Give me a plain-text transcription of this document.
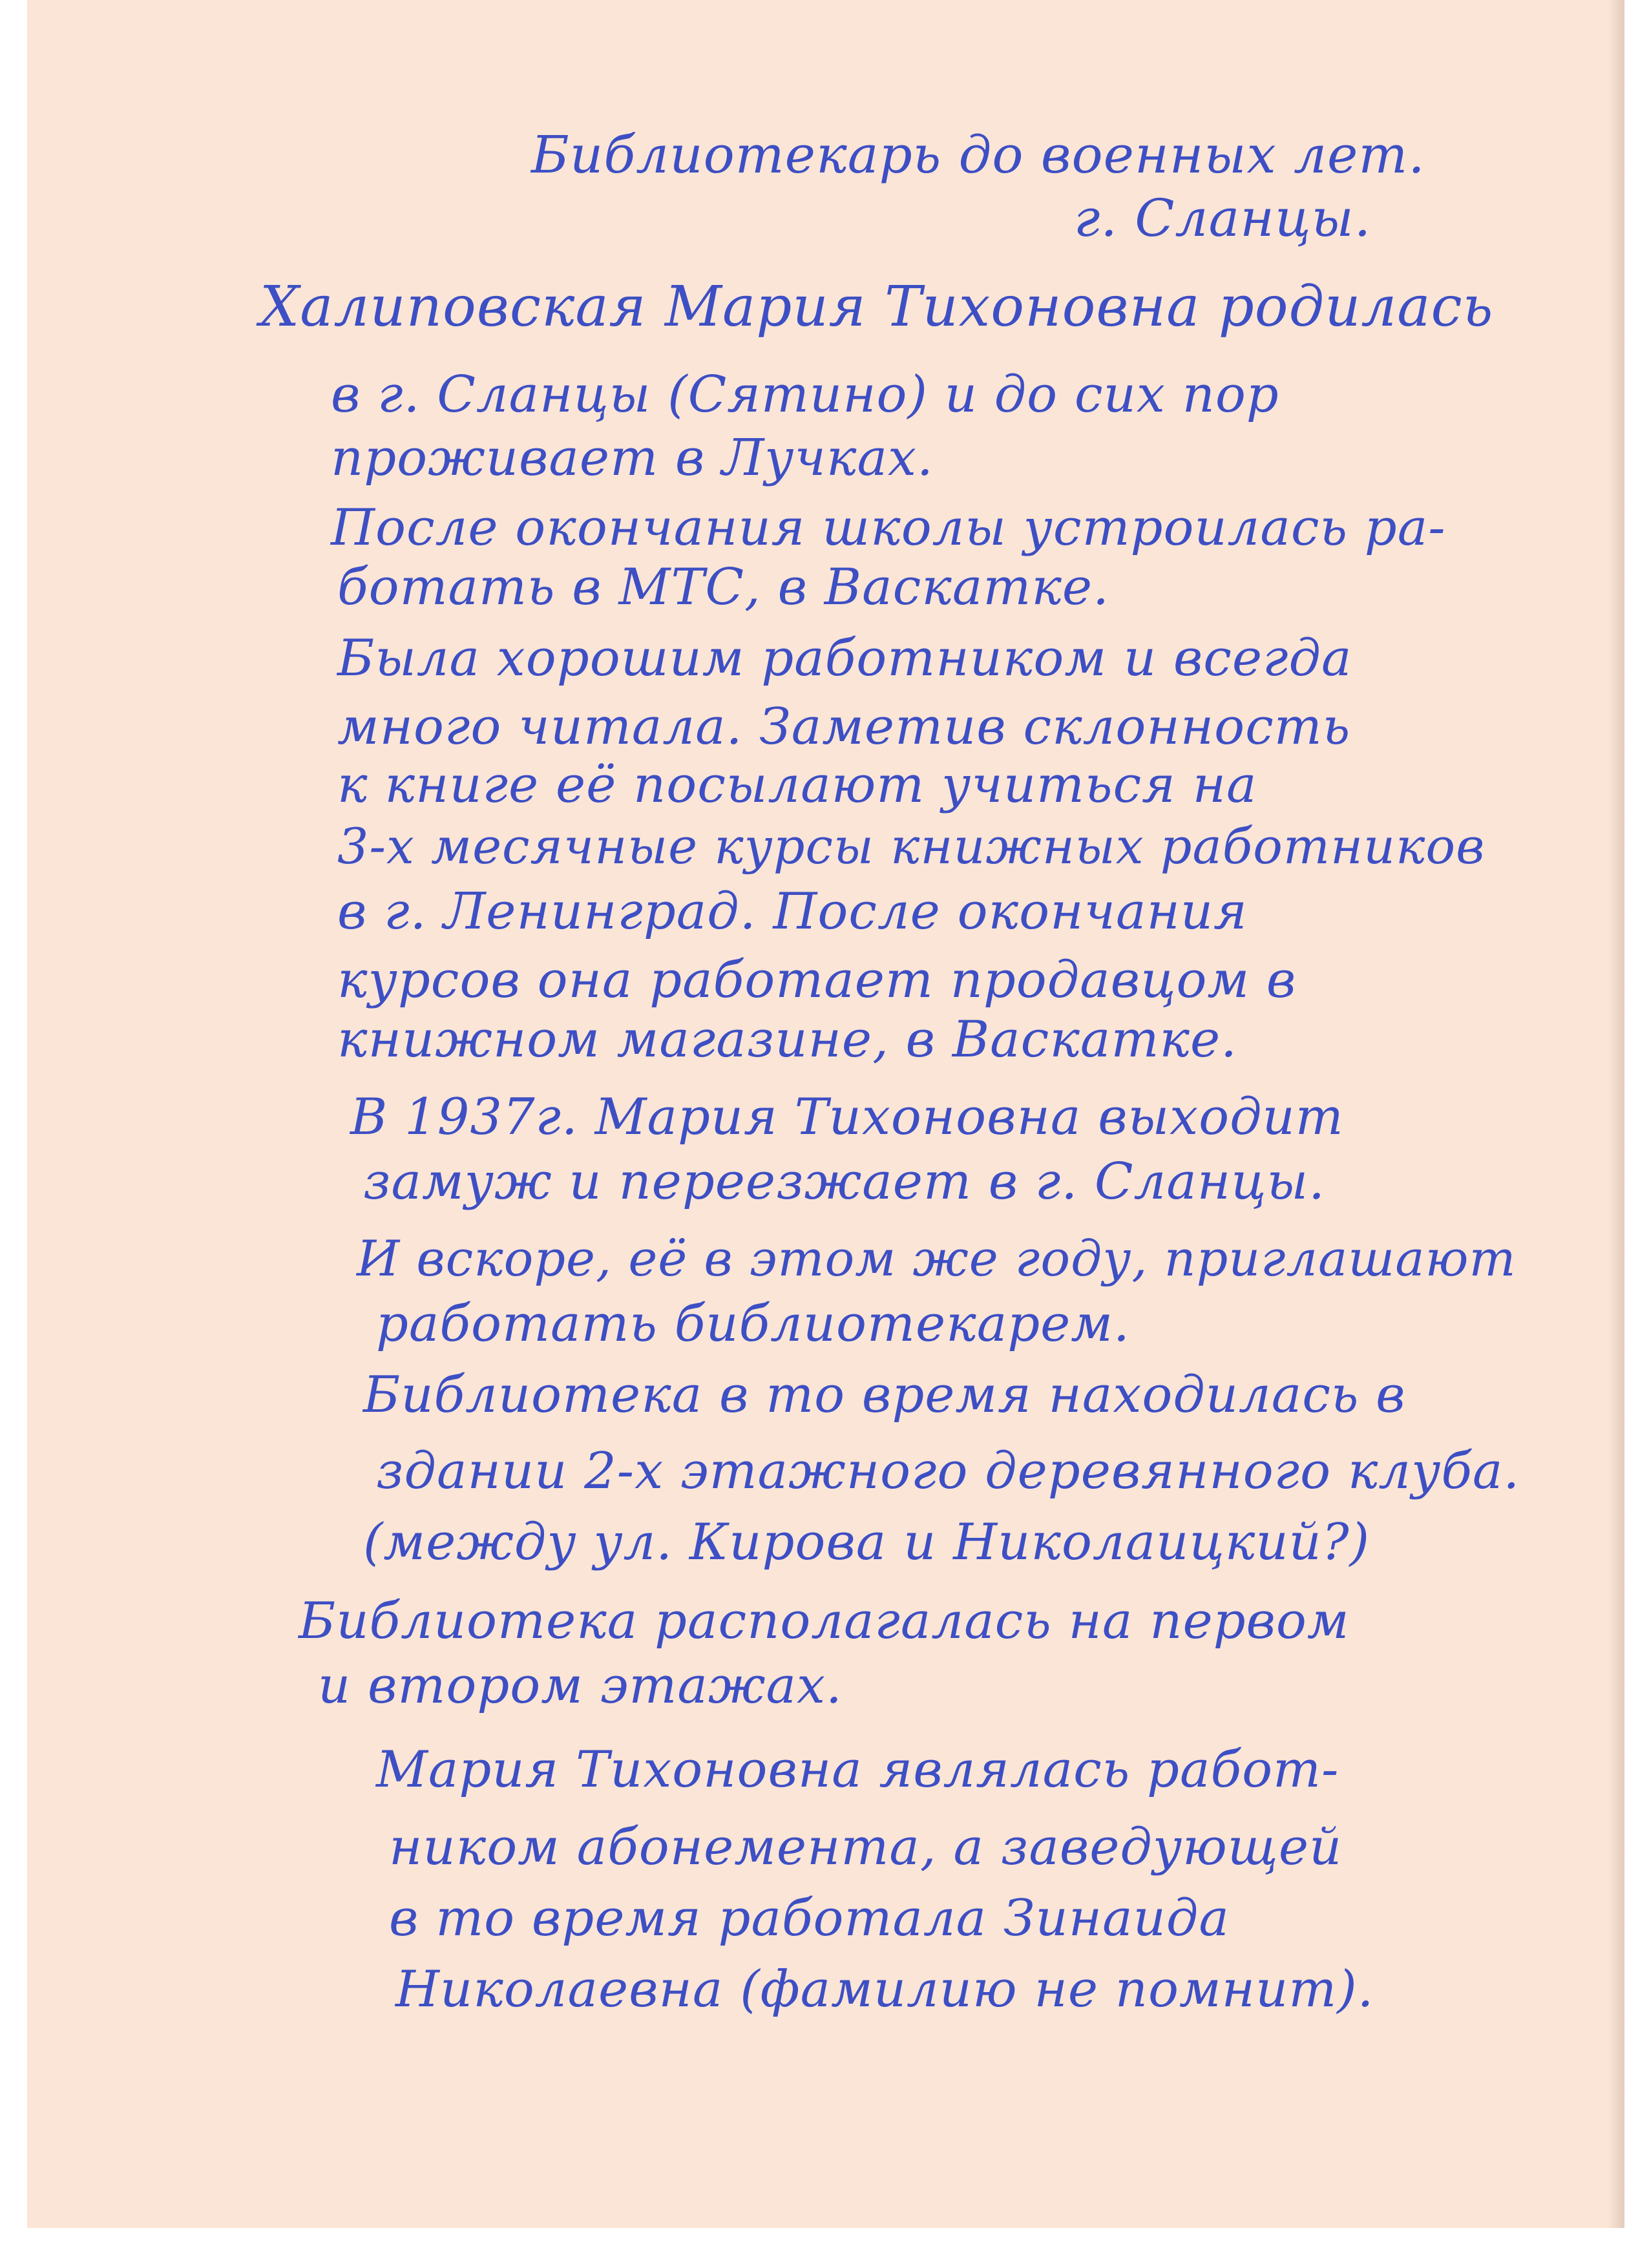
Библиотекарь до военных лет.
г. Сланцы.
Халиповская Мария Тихоновна родилась
в г. Сланцы (Сятино) и до сих пор
проживает в Лучках.
После окончания школы устроилась ра-
ботать в МТС, в Васкатке.
Была хорошим работником и всегда
много читала. Заметив склонность
к книге её посылают учиться на
3-х месячные курсы книжных работников
в г. Ленинград. После окончания
курсов она работает продавцом в
книжном магазине, в Васкатке.
В 1937г. Мария Тихоновна выходит
замуж и переезжает в г. Сланцы.
И вскоре, её в этом же году, приглашают
работать библиотекарем.
Библиотека в то время находилась в
здании 2-х этажного деревянного клуба.
(между ул. Кирова и Николаицкий?)
Библиотека располагалась на первом
и втором этажах.
Мария Тихоновна являлась работ-
ником абонемента, а заведующей
в то время работала Зинаида
Николаевна (фамилию не помнит).
